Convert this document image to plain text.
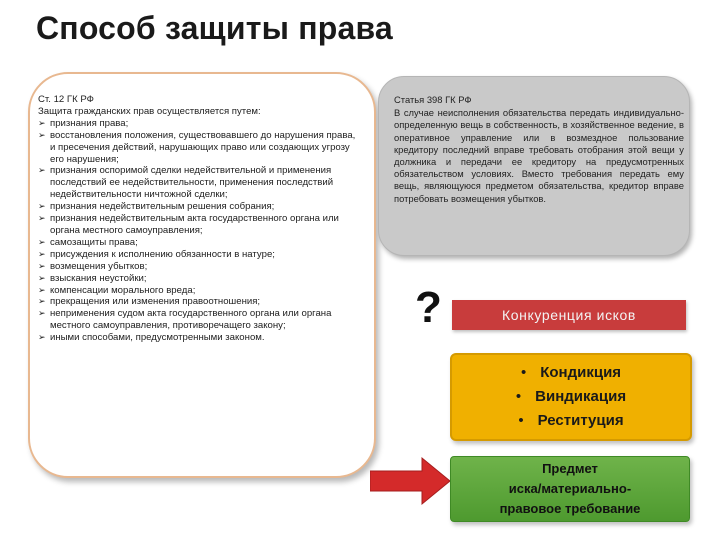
Способ защиты права

Ст. 12 ГК РФ

Защита гражданских прав осуществляется путем:

➢ признания права;
➢ восстановления положения, существовавшего до нарушения права, и пресечения действий, нарушающих право или создающих угрозу его нарушения;
➢ признания оспоримой сделки недействительной и применения последствий ее недействительности, применения последствий недействительности ничтожной сделки;
➢ признания недействительным решения собрания;
➢ признания недействительным акта государственного органа или органа местного самоуправления;
➢ самозащиты права;
➢ присуждения к исполнению обязанности в натуре;
➢ возмещения убытков;
➢ взыскания неустойки;
➢ компенсации морального вреда;
➢ прекращения или изменения правоотношения;
➢ неприменения судом акта государственного органа или органа местного самоуправления, противоречащего закону;
➢ иными способами, предусмотренными законом.

Статья 398 ГК РФ

В случае неисполнения обязательства передать индивидуально-определенную вещь в собственность, в хозяйственное ведение, в оперативное управление или в возмездное пользование кредитору последний вправе требовать отобрания этой вещи у должника и передачи ее кредитору на предусмотренных обязательством условиях. Вместо требования передать ему вещь, являющуюся предметом обязательства, кредитор вправе потребовать возмещения убытков.

?	Конкуренция исков
• Кондикция
• Виндикация
• Реституция
Предмет
иска/материально-
правовое требование
